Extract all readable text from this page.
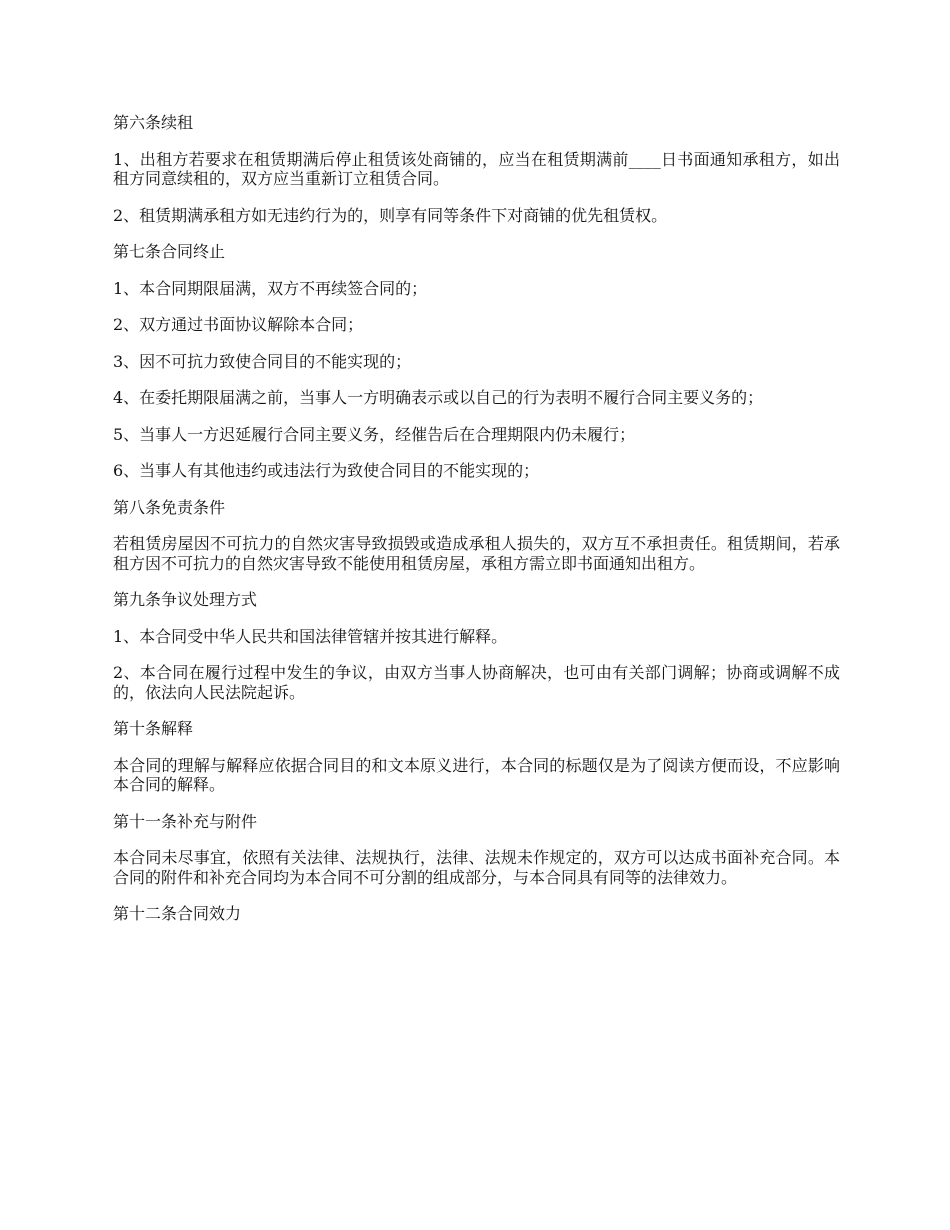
第六条续租

1、出租方若要求在租赁期满后停止租赁该处商铺的，应当在租赁期满前____日书面通知承租方，如出租方同意续租的，双方应当重新订立租赁合同。

2、租赁期满承租方如无违约行为的，则享有同等条件下对商铺的优先租赁权。

第七条合同终止

1、本合同期限届满，双方不再续签合同的；

2、双方通过书面协议解除本合同；

3、因不可抗力致使合同目的不能实现的；

4、在委托期限届满之前，当事人一方明确表示或以自己的行为表明不履行合同主要义务的；

5、当事人一方迟延履行合同主要义务，经催告后在合理期限内仍未履行；

6、当事人有其他违约或违法行为致使合同目的不能实现的；

第八条免责条件

若租赁房屋因不可抗力的自然灾害导致损毁或造成承租人损失的，双方互不承担责任。租赁期间，若承租方因不可抗力的自然灾害导致不能使用租赁房屋，承租方需立即书面通知出租方。

第九条争议处理方式

1、本合同受中华人民共和国法律管辖并按其进行解释。

2、本合同在履行过程中发生的争议，由双方当事人协商解决，也可由有关部门调解；协商或调解不成的，依法向人民法院起诉。

第十条解释

本合同的理解与解释应依据合同目的和文本原义进行，本合同的标题仅是为了阅读方便而设，不应影响本合同的解释。

第十一条补充与附件

本合同未尽事宜，依照有关法律、法规执行，法律、法规未作规定的，双方可以达成书面补充合同。本合同的附件和补充合同均为本合同不可分割的组成部分，与本合同具有同等的法律效力。

第十二条合同效力
